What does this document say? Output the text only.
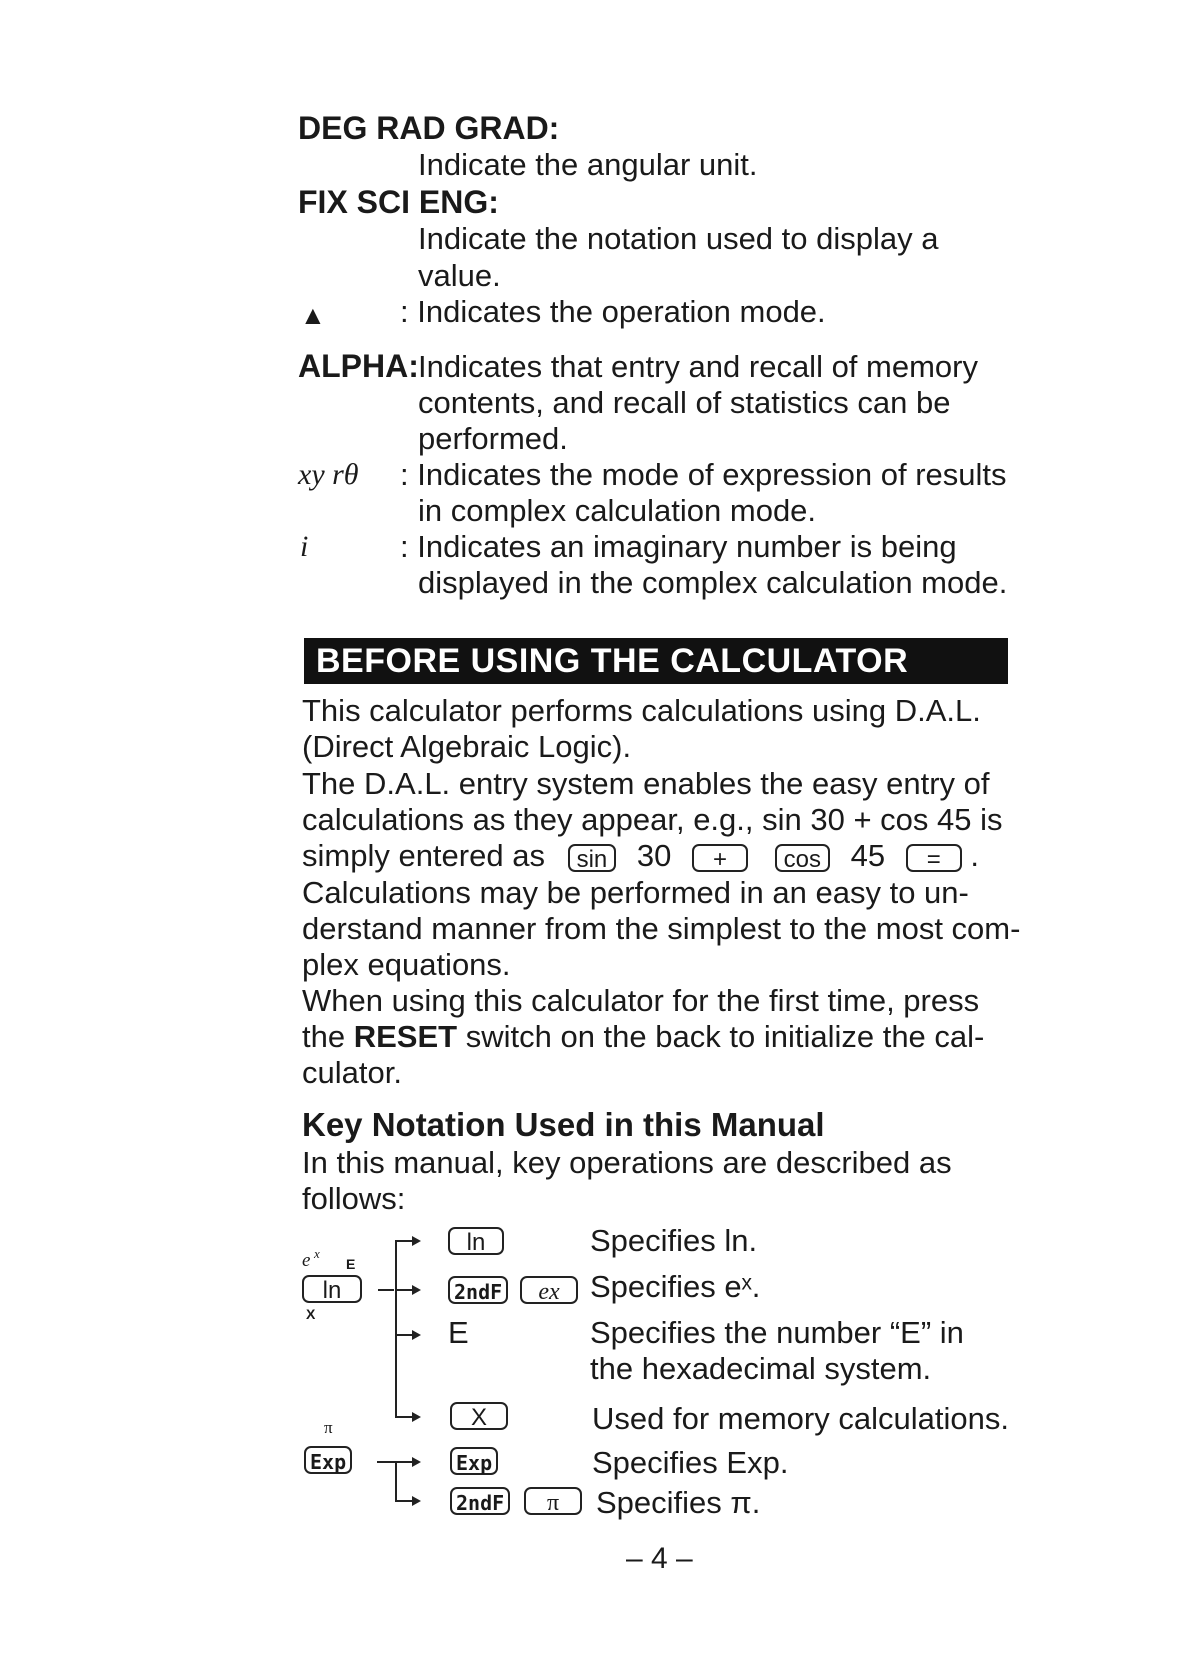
DEG RAD GRAD:
Indicate the angular unit.
FIX SCI ENG:
Indicate the notation used to display a
value.
▲ : Indicates the operation mode.
ALPHA: Indicates that entry and recall of memory
contents, and recall of statistics can be
performed.
xy rθ : Indicates the mode of expression of results
in complex calculation mode.
i	: Indicates an imaginary number is being
displayed in the complex calculation mode.
BEFORE USING THE CALCULATOR
This calculator performs calculations using D.A.L.
(Direct Algebraic Logic).
The D.A.L. entry system enables the easy entry of
calculations as they appear, e.g., sin 30 + cos 45 is
simply entered as sin 30 + cos 45 = .
Calculations may be performed in an easy to un-
derstand manner from the simplest to the most com-
plex equations.
When using this calculator for the first time, press
the RESET switch on the back to initialize the cal-
culator.
Key Notation Used in this Manual
In this manual, key operations are described as
follows:
e x
E
ln
X
ln	Specifies ln.
2ndF	ex Specifies eˣ.
E	Specifies the number “E” in
the hexadecimal system.
X	Used for memory calculations.
π
Exp	Exp	Specifies Exp.
2ndF	π	Specifies π.
– 4 –
